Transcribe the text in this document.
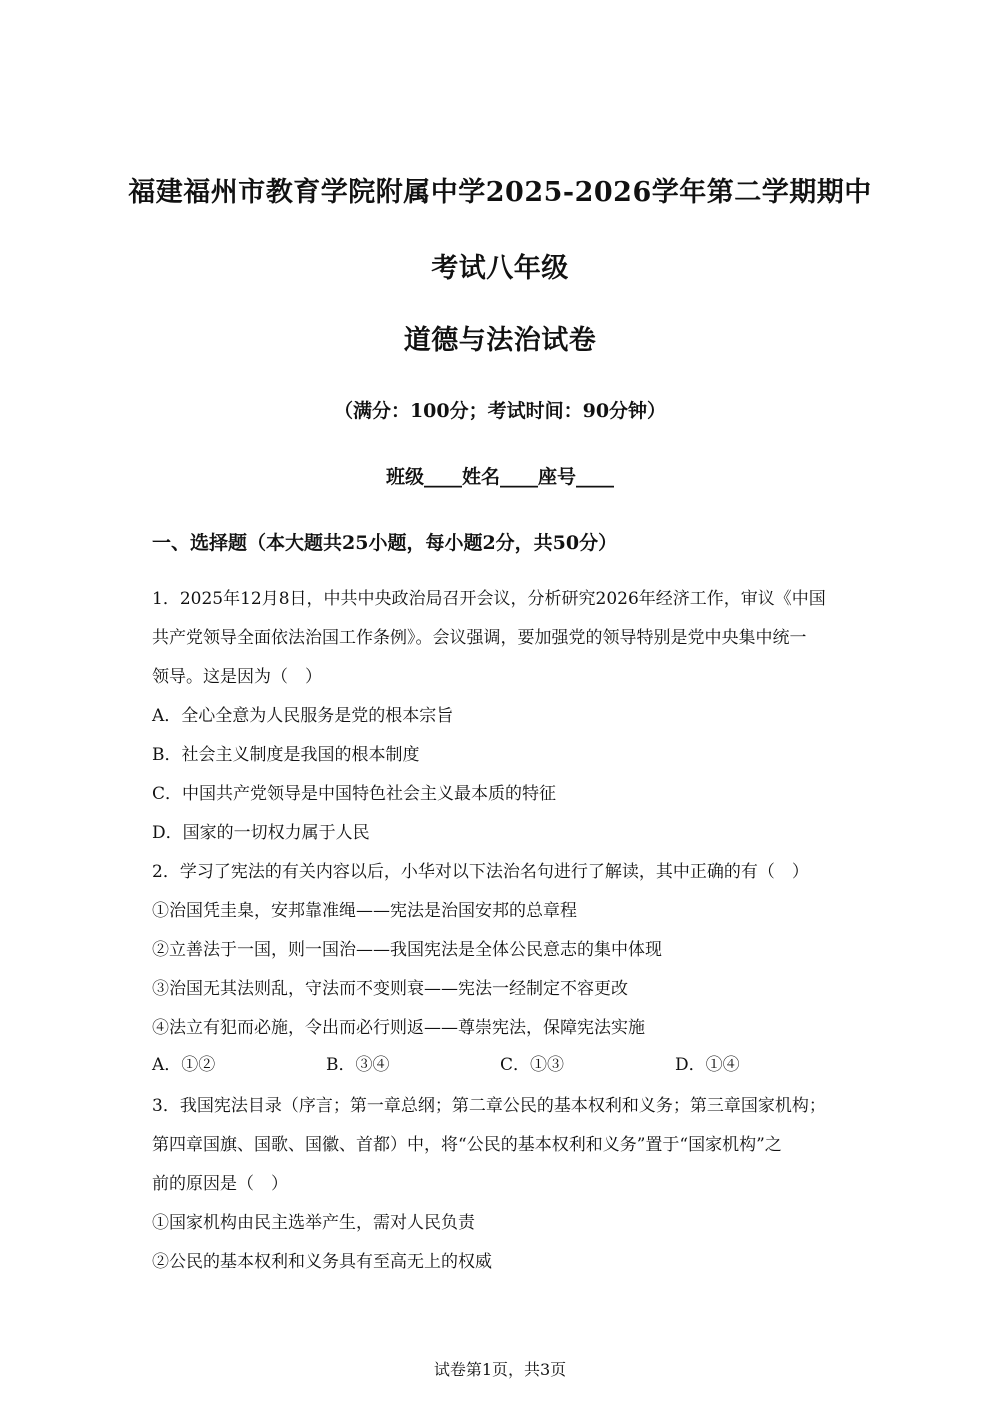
福建福州市教育学院附属中学2025-2026学年第二学期期中
考试八年级
道德与法治试卷

（满分：100分；考试时间：90分钟）

班级____姓名____座号____

一、选择题（本大题共25小题，每小题2分，共50分）

1．2025年12月8日，中共中央政治局召开会议，分析研究2026年经济工作，审议《中国

共产党领导全面依法治国工作条例》。会议强调，要加强党的领导特别是党中央集中统一

领导。这是因为（　）

A．全心全意为人民服务是党的根本宗旨

B．社会主义制度是我国的根本制度

C．中国共产党领导是中国特色社会主义最本质的特征

D．国家的一切权力属于人民

2．学习了宪法的有关内容以后，小华对以下法治名句进行了解读，其中正确的有（　）

①治国凭圭臬，安邦靠准绳——宪法是治国安邦的总章程

②立善法于一国，则一国治——我国宪法是全体公民意志的集中体现

③治国无其法则乱，守法而不变则衰——宪法一经制定不容更改

④法立有犯而必施，令出而必行则返——尊崇宪法，保障宪法实施

A．①②	B．③④	C．①③	D．①④

3．我国宪法目录（序言；第一章总纲；第二章公民的基本权利和义务；第三章国家机构；

第四章国旗、国歌、国徽、首都）中，将“公民的基本权利和义务”置于“国家机构”之

前的原因是（　）

①国家机构由民主选举产生，需对人民负责

②公民的基本权利和义务具有至高无上的权威

试卷第1页，共3页
